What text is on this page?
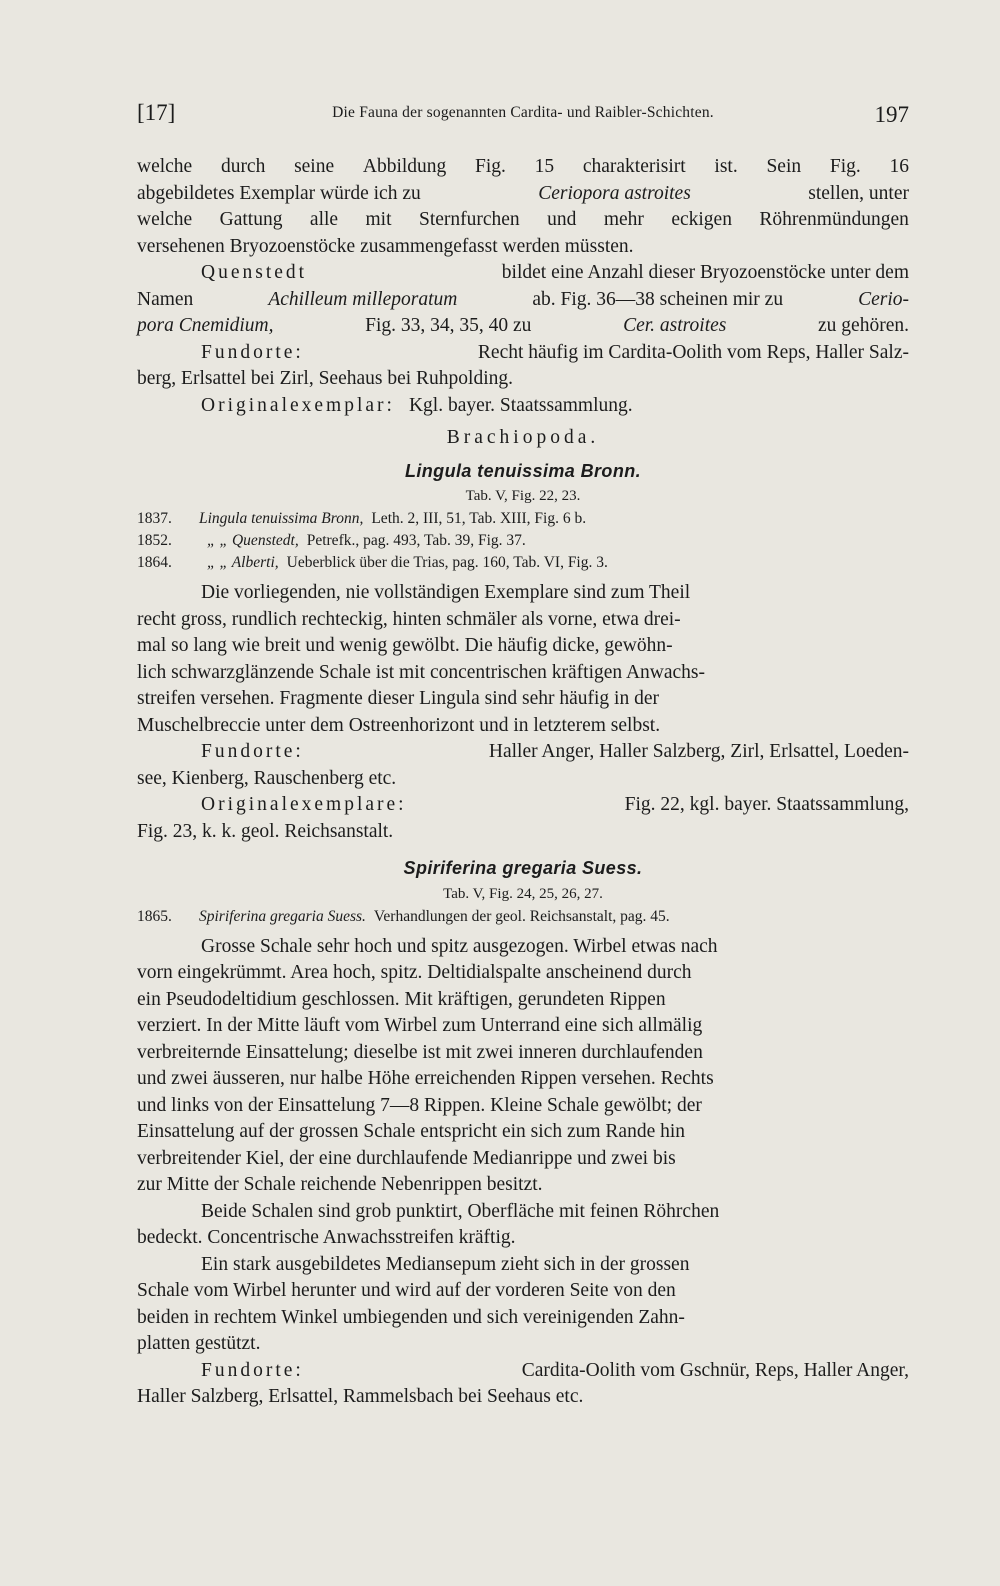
[17]	Die Fauna der sogenannten Cardita- und Raibler-Schichten.	197
welche durch seine Abbildung Fig. 15 charakterisirt ist. Sein Fig. 16
abgebildetes Exemplar würde ich zu	Ceriopora astroites	stellen, unter
welche Gattung alle mit Sternfurchen und mehr eckigen Röhrenmündungen
versehenen Bryozoenstöcke zusammengefasst werden müssten.
Quenstedt	bildet eine Anzahl dieser Bryozoenstöcke unter dem
Namen	Achilleum milleporatum	ab. Fig. 36—38 scheinen mir zu	Cerio-
pora Cnemidium,	Fig. 33, 34, 35, 40 zu	Cer. astroites	zu gehören.
Fundorte:	Recht häufig im Cardita-Oolith vom Reps, Haller Salz-
berg, Erlsattel bei Zirl, Seehaus bei Ruhpolding.
Originalexemplar: Kgl. bayer. Staatssammlung.
Brachiopoda.
Lingula tenuissima Bronn.
Tab. V, Fig. 22, 23.
1837.	Lingula tenuissima Bronn, Leth. 2, III, 51, Tab. XIII, Fig. 6 b.
1852.	„ „ Quenstedt, Petrefk., pag. 493, Tab. 39, Fig. 37.
1864.	„ „ Alberti, Ueberblick über die Trias, pag. 160, Tab. VI, Fig. 3.
Die vorliegenden, nie vollständigen Exemplare sind zum Theil
recht gross, rundlich rechteckig, hinten schmäler als vorne, etwa drei-
mal so lang wie breit und wenig gewölbt. Die häufig dicke, gewöhn-
lich schwarzglänzende Schale ist mit concentrischen kräftigen Anwachs-
streifen versehen. Fragmente dieser Lingula sind sehr häufig in der
Muschelbreccie unter dem Ostreenhorizont und in letzterem selbst.
Fundorte:	Haller Anger, Haller Salzberg, Zirl, Erlsattel, Loeden-
see, Kienberg, Rauschenberg etc.
Originalexemplare:	Fig. 22, kgl. bayer. Staatssammlung,
Fig. 23, k. k. geol. Reichsanstalt.
Spiriferina gregaria Suess.
Tab. V, Fig. 24, 25, 26, 27.
1865.	Spiriferina gregaria Suess. Verhandlungen der geol. Reichsanstalt, pag. 45.
Grosse Schale sehr hoch und spitz ausgezogen. Wirbel etwas nach
vorn eingekrümmt. Area hoch, spitz. Deltidialspalte anscheinend durch
ein Pseudodeltidium geschlossen. Mit kräftigen, gerundeten Rippen
verziert. In der Mitte läuft vom Wirbel zum Unterrand eine sich allmälig
verbreiternde Einsattelung; dieselbe ist mit zwei inneren durchlaufenden
und zwei äusseren, nur halbe Höhe erreichenden Rippen versehen. Rechts
und links von der Einsattelung 7—8 Rippen. Kleine Schale gewölbt; der
Einsattelung auf der grossen Schale entspricht ein sich zum Rande hin
verbreitender Kiel, der eine durchlaufende Medianrippe und zwei bis
zur Mitte der Schale reichende Nebenrippen besitzt.
Beide Schalen sind grob punktirt, Oberfläche mit feinen Röhrchen
bedeckt. Concentrische Anwachsstreifen kräftig.
Ein stark ausgebildetes Mediansepum zieht sich in der grossen
Schale vom Wirbel herunter und wird auf der vorderen Seite von den
beiden in rechtem Winkel umbiegenden und sich vereinigenden Zahn-
platten gestützt.
Fundorte:	Cardita-Oolith vom Gschnür, Reps, Haller Anger,
Haller Salzberg, Erlsattel, Rammelsbach bei Seehaus etc.
